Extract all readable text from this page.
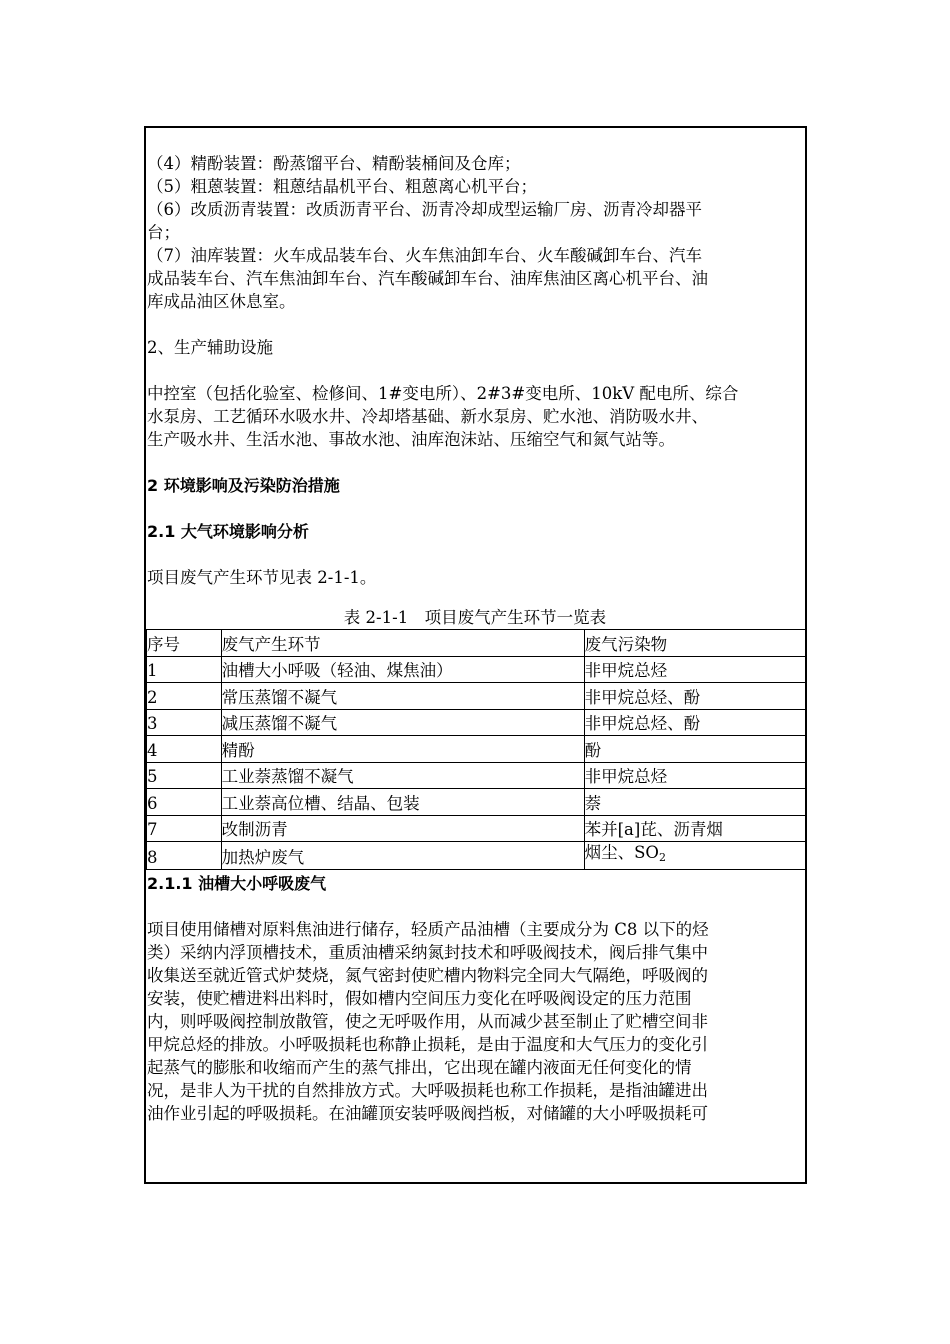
（4）精酚装置：酚蒸馏平台、精酚装桶间及仓库；
（5）粗蒽装置：粗蒽结晶机平台、粗蒽离心机平台；
（6）改质沥青装置：改质沥青平台、沥青冷却成型运输厂房、沥青冷却器平
台；
（7）油库装置：火车成品装车台、火车焦油卸车台、火车酸碱卸车台、汽车
成品装车台、汽车焦油卸车台、汽车酸碱卸车台、油库焦油区离心机平台、油
库成品油区休息室。
2、生产辅助设施
中控室（包括化验室、检修间、1#变电所）、2#3#变电所、10kV 配电所、综合
水泵房、工艺循环水吸水井、冷却塔基础、新水泵房、贮水池、消防吸水井、
生产吸水井、生活水池、事故水池、油库泡沫站、压缩空气和氮气站等。
2 环境影响及污染防治措施
2.1 大气环境影响分析
项目废气产生环节见表 2-1-1。
表 2-1-1　项目废气产生环节一览表
序号	废气产生环节	废气污染物
1	油槽大小呼吸（轻油、煤焦油）	非甲烷总烃
2	常压蒸馏不凝气	非甲烷总烃、酚
3	减压蒸馏不凝气	非甲烷总烃、酚
4	精酚	酚
5	工业萘蒸馏不凝气	非甲烷总烃
6	工业萘高位槽、结晶、包装	萘
7	改制沥青	苯并[a]芘、沥青烟
8	加热炉废气	烟尘、$SO_2$
2.1.1 油槽大小呼吸废气
项目使用储槽对原料焦油进行储存，轻质产品油槽（主要成分为 C8 以下的烃
类）采纳内浮顶槽技术，重质油槽采纳氮封技术和呼吸阀技术，阀后排气集中
收集送至就近管式炉焚烧，氮气密封使贮槽内物料完全同大气隔绝，呼吸阀的
安装，使贮槽进料出料时，假如槽内空间压力变化在呼吸阀设定的压力范围
内，则呼吸阀控制放散管，使之无呼吸作用，从而减少甚至制止了贮槽空间非
甲烷总烃的排放。小呼吸损耗也称静止损耗，是由于温度和大气压力的变化引
起蒸气的膨胀和收缩而产生的蒸气排出，它出现在罐内液面无任何变化的情
况，是非人为干扰的自然排放方式。大呼吸损耗也称工作损耗，是指油罐进出
油作业引起的呼吸损耗。在油罐顶安装呼吸阀挡板，对储罐的大小呼吸损耗可
